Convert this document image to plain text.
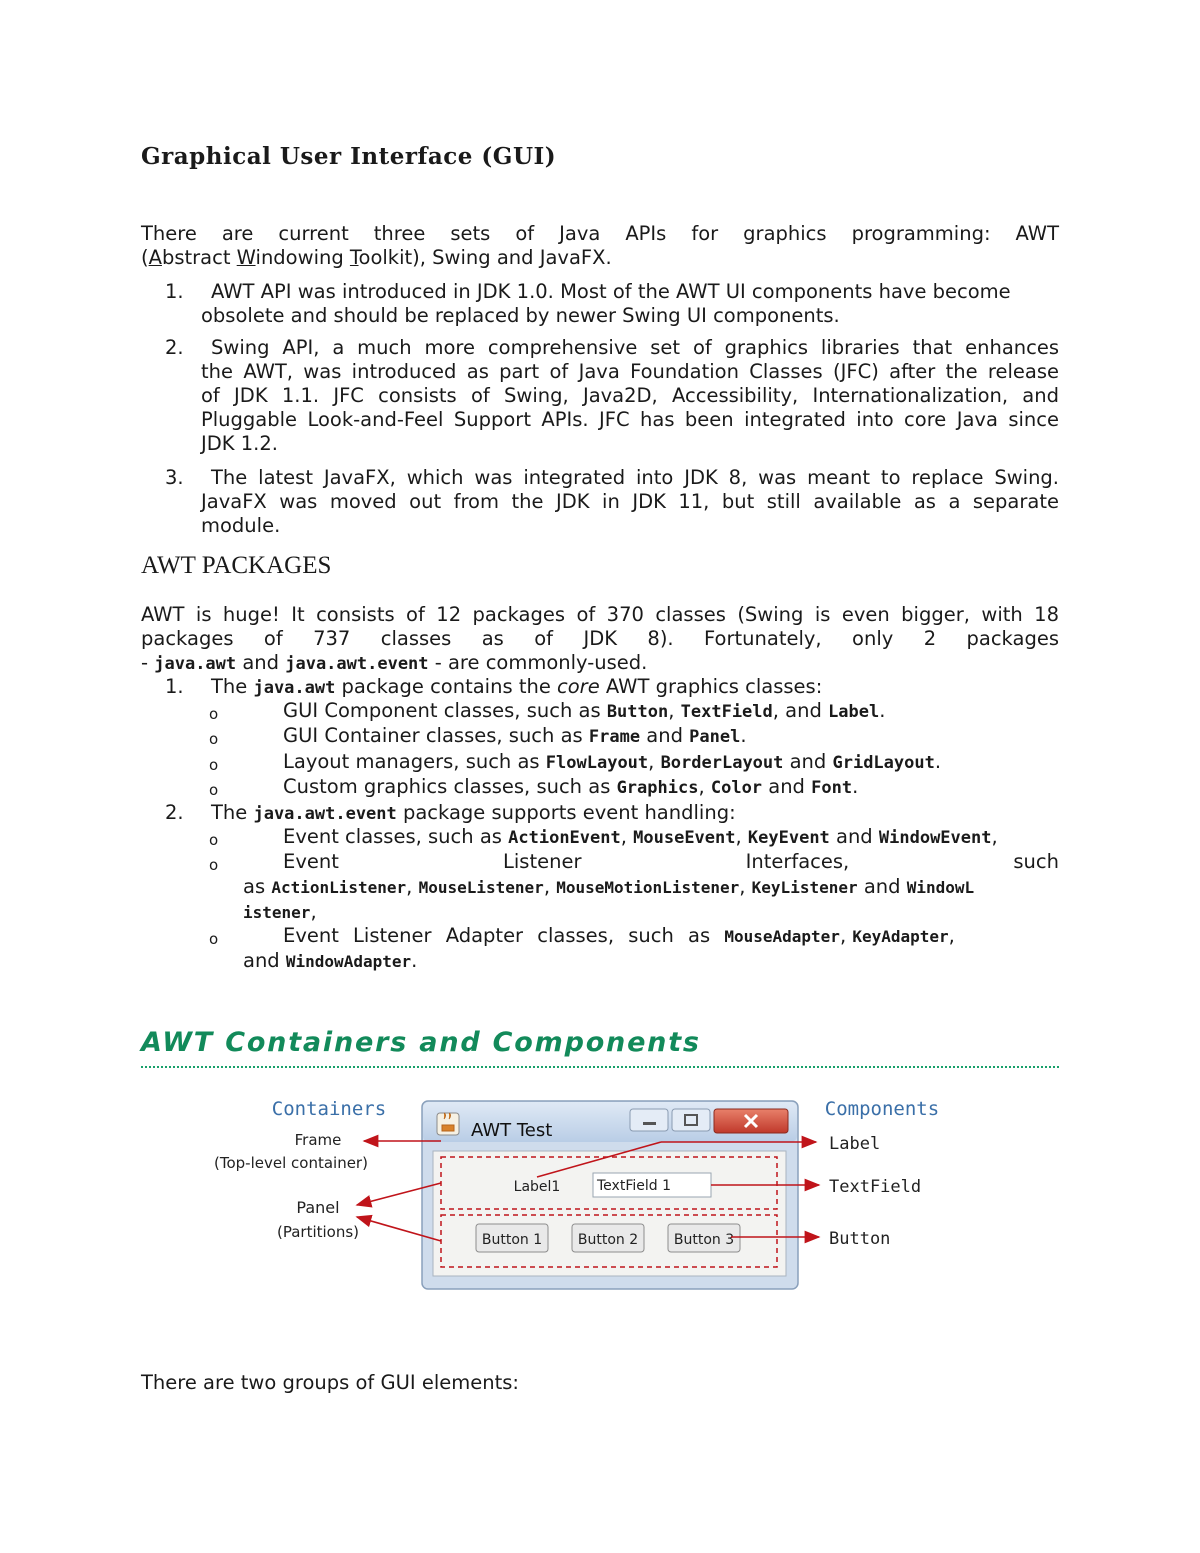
Graphical User Interface (GUI)
There are current three sets of Java APIs for graphics programming: AWT
(Abstract Windowing Toolkit), Swing and JavaFX.
1.	AWT API was introduced in JDK 1.0. Most of the AWT UI components have become
obsolete and should be replaced by newer Swing UI components.
2.	Swing API, a much more comprehensive set of graphics libraries that enhances
the AWT, was introduced as part of Java Foundation Classes (JFC) after the release
of JDK 1.1. JFC consists of Swing, Java2D, Accessibility, Internationalization, and
Pluggable Look-and-Feel Support APIs. JFC has been integrated into core Java since
JDK 1.2.
3.	The latest JavaFX, which was integrated into JDK 8, was meant to replace Swing.
JavaFX was moved out from the JDK in JDK 11, but still available as a separate
module.
AWT PACKAGES
AWT is huge! It consists of 12 packages of 370 classes (Swing is even bigger, with 18
packages of 737 classes as of JDK 8). Fortunately, only 2 packages
- java.awt and java.awt.event - are commonly-used.
1.	The java.awt package contains the core AWT graphics classes:
o	GUI Component classes, such as Button, TextField, and Label.
o	GUI Container classes, such as Frame and Panel.
o	Layout managers, such as FlowLayout, BorderLayout and GridLayout.
o	Custom graphics classes, such as Graphics, Color and Font.
2.	The java.awt.event package supports event handling:
o	Event classes, such as ActionEvent, MouseEvent, KeyEvent and WindowEvent,
o	Event Listener Interfaces, such
as ActionListener, MouseListener, MouseMotionListener, KeyListener and WindowL
istener,
o	Event Listener Adapter classes, such as MouseAdapter, KeyAdapter,
and WindowAdapter.
AWT Containers and Components
Containers	Components
Frame
(Top-level container)
Panel
(Partitions)
AWT Test
Label1	TextField 1
Button 1	Button 2	Button 3
Label
TextField
Button
There are two groups of GUI elements:
